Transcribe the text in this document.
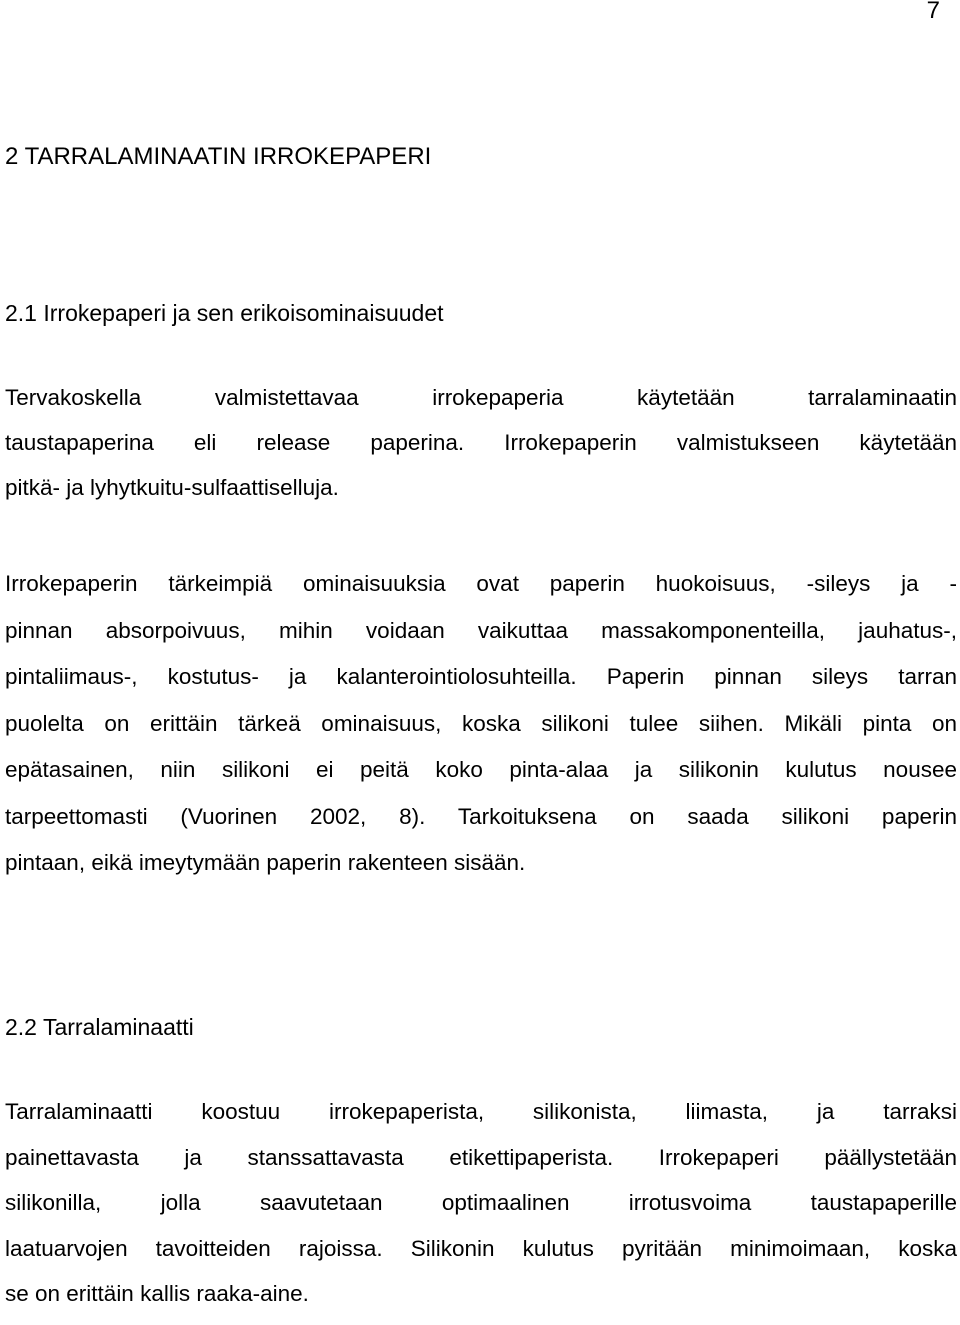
7
2 TARRALAMINAATIN IRROKEPAPERI
2.1 Irrokepaperi ja sen erikoisominaisuudet
Tervakoskella valmistettavaa irrokepaperia käytetään tarralaminaatin
taustapaperina eli release paperina. Irrokepaperin valmistukseen käytetään
pitkä- ja lyhytkuitu-sulfaattiselluja.
Irrokepaperin tärkeimpiä ominaisuuksia ovat paperin huokoisuus, -sileys ja -
pinnan absorpoivuus, mihin voidaan vaikuttaa massakomponenteilla, jauhatus-,
pintaliimaus-, kostutus- ja kalanterointiolosuhteilla. Paperin pinnan sileys tarran
puolelta on erittäin tärkeä ominaisuus, koska silikoni tulee siihen. Mikäli pinta on
epätasainen, niin silikoni ei peitä koko pinta-alaa ja silikonin kulutus nousee
tarpeettomasti (Vuorinen 2002, 8). Tarkoituksena on saada silikoni paperin
pintaan, eikä imeytymään paperin rakenteen sisään.
2.2 Tarralaminaatti
Tarralaminaatti koostuu irrokepaperista, silikonista, liimasta, ja tarraksi
painettavasta ja stanssattavasta etikettipaperista. Irrokepaperi päällystetään
silikonilla, jolla saavutetaan optimaalinen irrotusvoima taustapaperille
laatuarvojen tavoitteiden rajoissa. Silikonin kulutus pyritään minimoimaan, koska
se on erittäin kallis raaka-aine.
